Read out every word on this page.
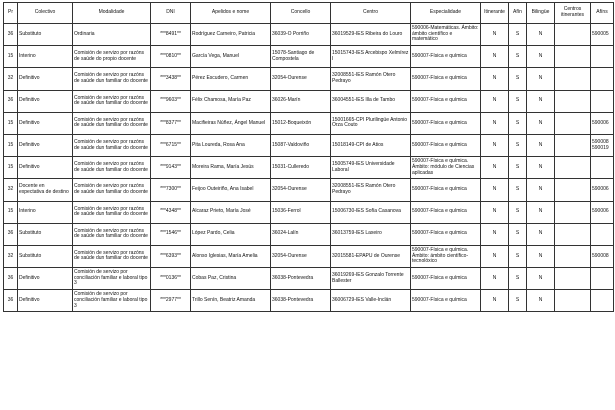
Pr	Colectivo	Modalidade	DNI	Apelidos e nome	Concello	Centro	Especialidade	Itinerante	Afín	Bilingüe	Centros itinerantes	Afíns
36	Substituto	Ordinaria	***8491**	Rodríguez Carneiro, Patricia	36039-O Porriño	36019529-IES Ribeira do Louro	590006-Matemáticas. Ámbito: ámbito científico e matemático	N	S	N		590005
15	Interino	Comisión de servizo por razóns de saúde do propio docente	***0810**	García Vega, Manuel	15078-Santiago de Compostela	15015743-IES Arcebispo Xelmírez I	590007-Física e química	N	S	N		
32	Definitivo	Comisión de servizo por razóns de saúde dun familiar do docente	***3438**	Pérez Escudero, Carmen	32054-Ourense	32008551-IES Ramón Otero Pedrayo	590007-Física e química	N	S	N		
36	Definitivo	Comisión de servizo por razóns de saúde dun familiar do docente	***9603**	Félix Chamosa, María Paz	36026-Marín	36004551-IES Illa de Tambo	590007-Física e química	N	S	N		
15	Definitivo	Comisión de servizo por razóns de saúde dun familiar do docente	***8377**	Macifieiras Núñez, Ángel Manuel	15012-Boqueixón	15001665-CPI Plurilingüe Antonio Orza Couto	590007-Física e química	N	S	N		590006
15	Definitivo	Comisión de servizo por razóns de saúde dun familiar do docente	***6715**	Pita Loureda, Rosa Ana	15087-Valdoviño	15018149-CPI de Atios	590007-Física e química	N	S	N		590008 590019
15	Definitivo	Comisión de servizo por razóns de saúde dun familiar do docente	***9143**	Moreira Rama, María Jesús	15031-Culleredo	15005749-IES Universidade Laboral	590007-Física e química. Ámbito: módulo de Ciencias aplicadas	N	S	N		
32	Docente en expectativa de destino	Comisión de servizo por razóns de saúde dun familiar do docente	***7300**	Feijoo Outeiriño, Ana Isabel	32054-Ourense	32008551-IES Ramón Otero Pedrayo	590007-Física e química	N	S	N		590006
15	Interino	Comisión de servizo por razóns de saúde dun familiar do docente	***4348**	Alcaraz Prieto, María José	15036-Ferrol	15006730-IES Sofía Casanova	590007-Física e química	N	S	N		590006
36	Substituto	Comisión de servizo por razóns de saúde dun familiar do docente	***1546**	López Pardo, Celia	36024-Lalín	36013759-IES Laxeiro	590007-Física e química	N	S	N		
32	Substituto	Comisión de servizo por razóns de saúde dun familiar do docente	***6393**	Alonso Iglesias, María Amelia	32054-Ourense	32015581-EPAPU de Ourense	590007-Física e química. Ámbito: ámbito científico-tecnolóxico	N	S	N		590008
36	Definitivo	Comisión de servizo por conciliación familiar e laboral tipo 3	***0136**	Cobas Paz, Cristina	36038-Pontevedra	36019269-IES Gonzalo Torrente Ballester	590007-Física e química	N	S	N		
36	Definitivo	Comisión de servizo por conciliación familiar e laboral tipo 3	***2977**	Trillo Senín, Beatriz Amanda	36038-Pontevedra	36006729-IES Valle-Inclán	590007-Física e química	N	S	N		
